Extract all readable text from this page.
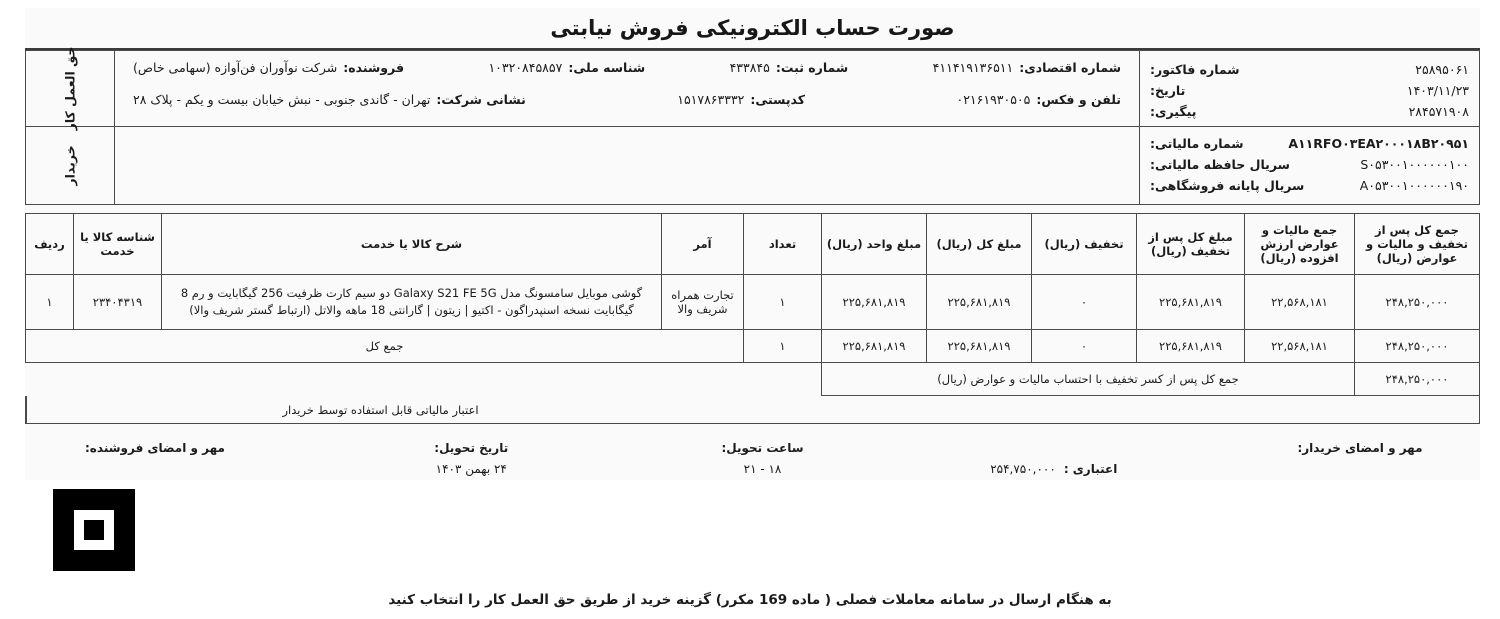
صورت حساب الکترونیکی فروش نیابتی
۲۵۸۹۵۰۶۱
شماره فاکتور:
۱۴۰۳/۱۱/۲۳
تاریخ:
۲۸۴۵۷۱۹۰۸
پیگیری:
شماره اقتصادی:
۴۱۱۴۱۹۱۳۶۵۱۱
شماره ثبت:
۴۳۳۸۴۵
شناسه ملی:
۱۰۳۲۰۸۴۵۸۵۷
فروشنده:
شرکت نوآوران فن‌آوازه (سهامی خاص)
تلفن و فکس:
۰۲۱۶۱۹۳۰۵۰۵
کدپستی:
۱۵۱۷۸۶۳۳۳۲
نشانی شرکت:
تهران - گاندی جنوبی - نبش خیابان بیست و یکم - پلاک ۲۸
حق العمل کار
A۱۱RFO۰۳EA۲۰۰۰۱۸B۲۰۹۵۱
شماره مالیاتی:
S۰۵۳۰۰۱۰۰۰۰۰۰۱۰۰
سریال حافظه مالیاتی:
A۰۵۳۰۰۱۰۰۰۰۰۰۱۹۰
سریال پایانه فروشگاهی:
خریدار
جمع کل پس از تخفیف و مالیات و عوارض (ریال)	جمع مالیات و عوارض ارزش افزوده (ریال)	مبلغ کل پس از تخفیف (ریال)	تخفیف (ریال)	مبلغ کل (ریال)	مبلغ واحد (ریال)	تعداد	آمر	شرح کالا یا خدمت	شناسه کالا یا خدمت	ردیف
۲۴۸,۲۵۰,۰۰۰	۲۲,۵۶۸,۱۸۱	۲۲۵,۶۸۱,۸۱۹	۰	۲۲۵,۶۸۱,۸۱۹	۲۲۵,۶۸۱,۸۱۹	۱	تجارت همراه شریف والا	گوشی موبایل سامسونگ مدل Galaxy S21 FE 5G دو سیم کارت ظرفیت 256 گیگابایت و رم 8 گیگابایت نسخه اسنپدراگون - اکتیو | زیتون | گارانتی 18 ماهه والاتل (ارتباط گستر شریف والا)	۲۳۴۰۴۳۱۹	۱
۲۴۸,۲۵۰,۰۰۰	۲۲,۵۶۸,۱۸۱	۲۲۵,۶۸۱,۸۱۹	۰	۲۲۵,۶۸۱,۸۱۹	۲۲۵,۶۸۱,۸۱۹	۱	جمع کل			
۲۴۸,۲۵۰,۰۰۰	جمع کل پس از کسر تخفیف با احتساب مالیات و عوارض (ریال)									
اعتبار مالیاتی قابل استفاده توسط خریدار
مهر و امضای خریدار:
اعتباری :
۲۵۴,۷۵۰,۰۰۰
ساعت تحویل:
۱۸ - ۲۱
تاریخ تحویل:
۲۴ بهمن ۱۴۰۳
مهر و امضای فروشنده:
به هنگام ارسال در سامانه معاملات فصلی ( ماده 169 مکرر) گزینه خرید از طریق حق العمل کار را انتخاب کنید
